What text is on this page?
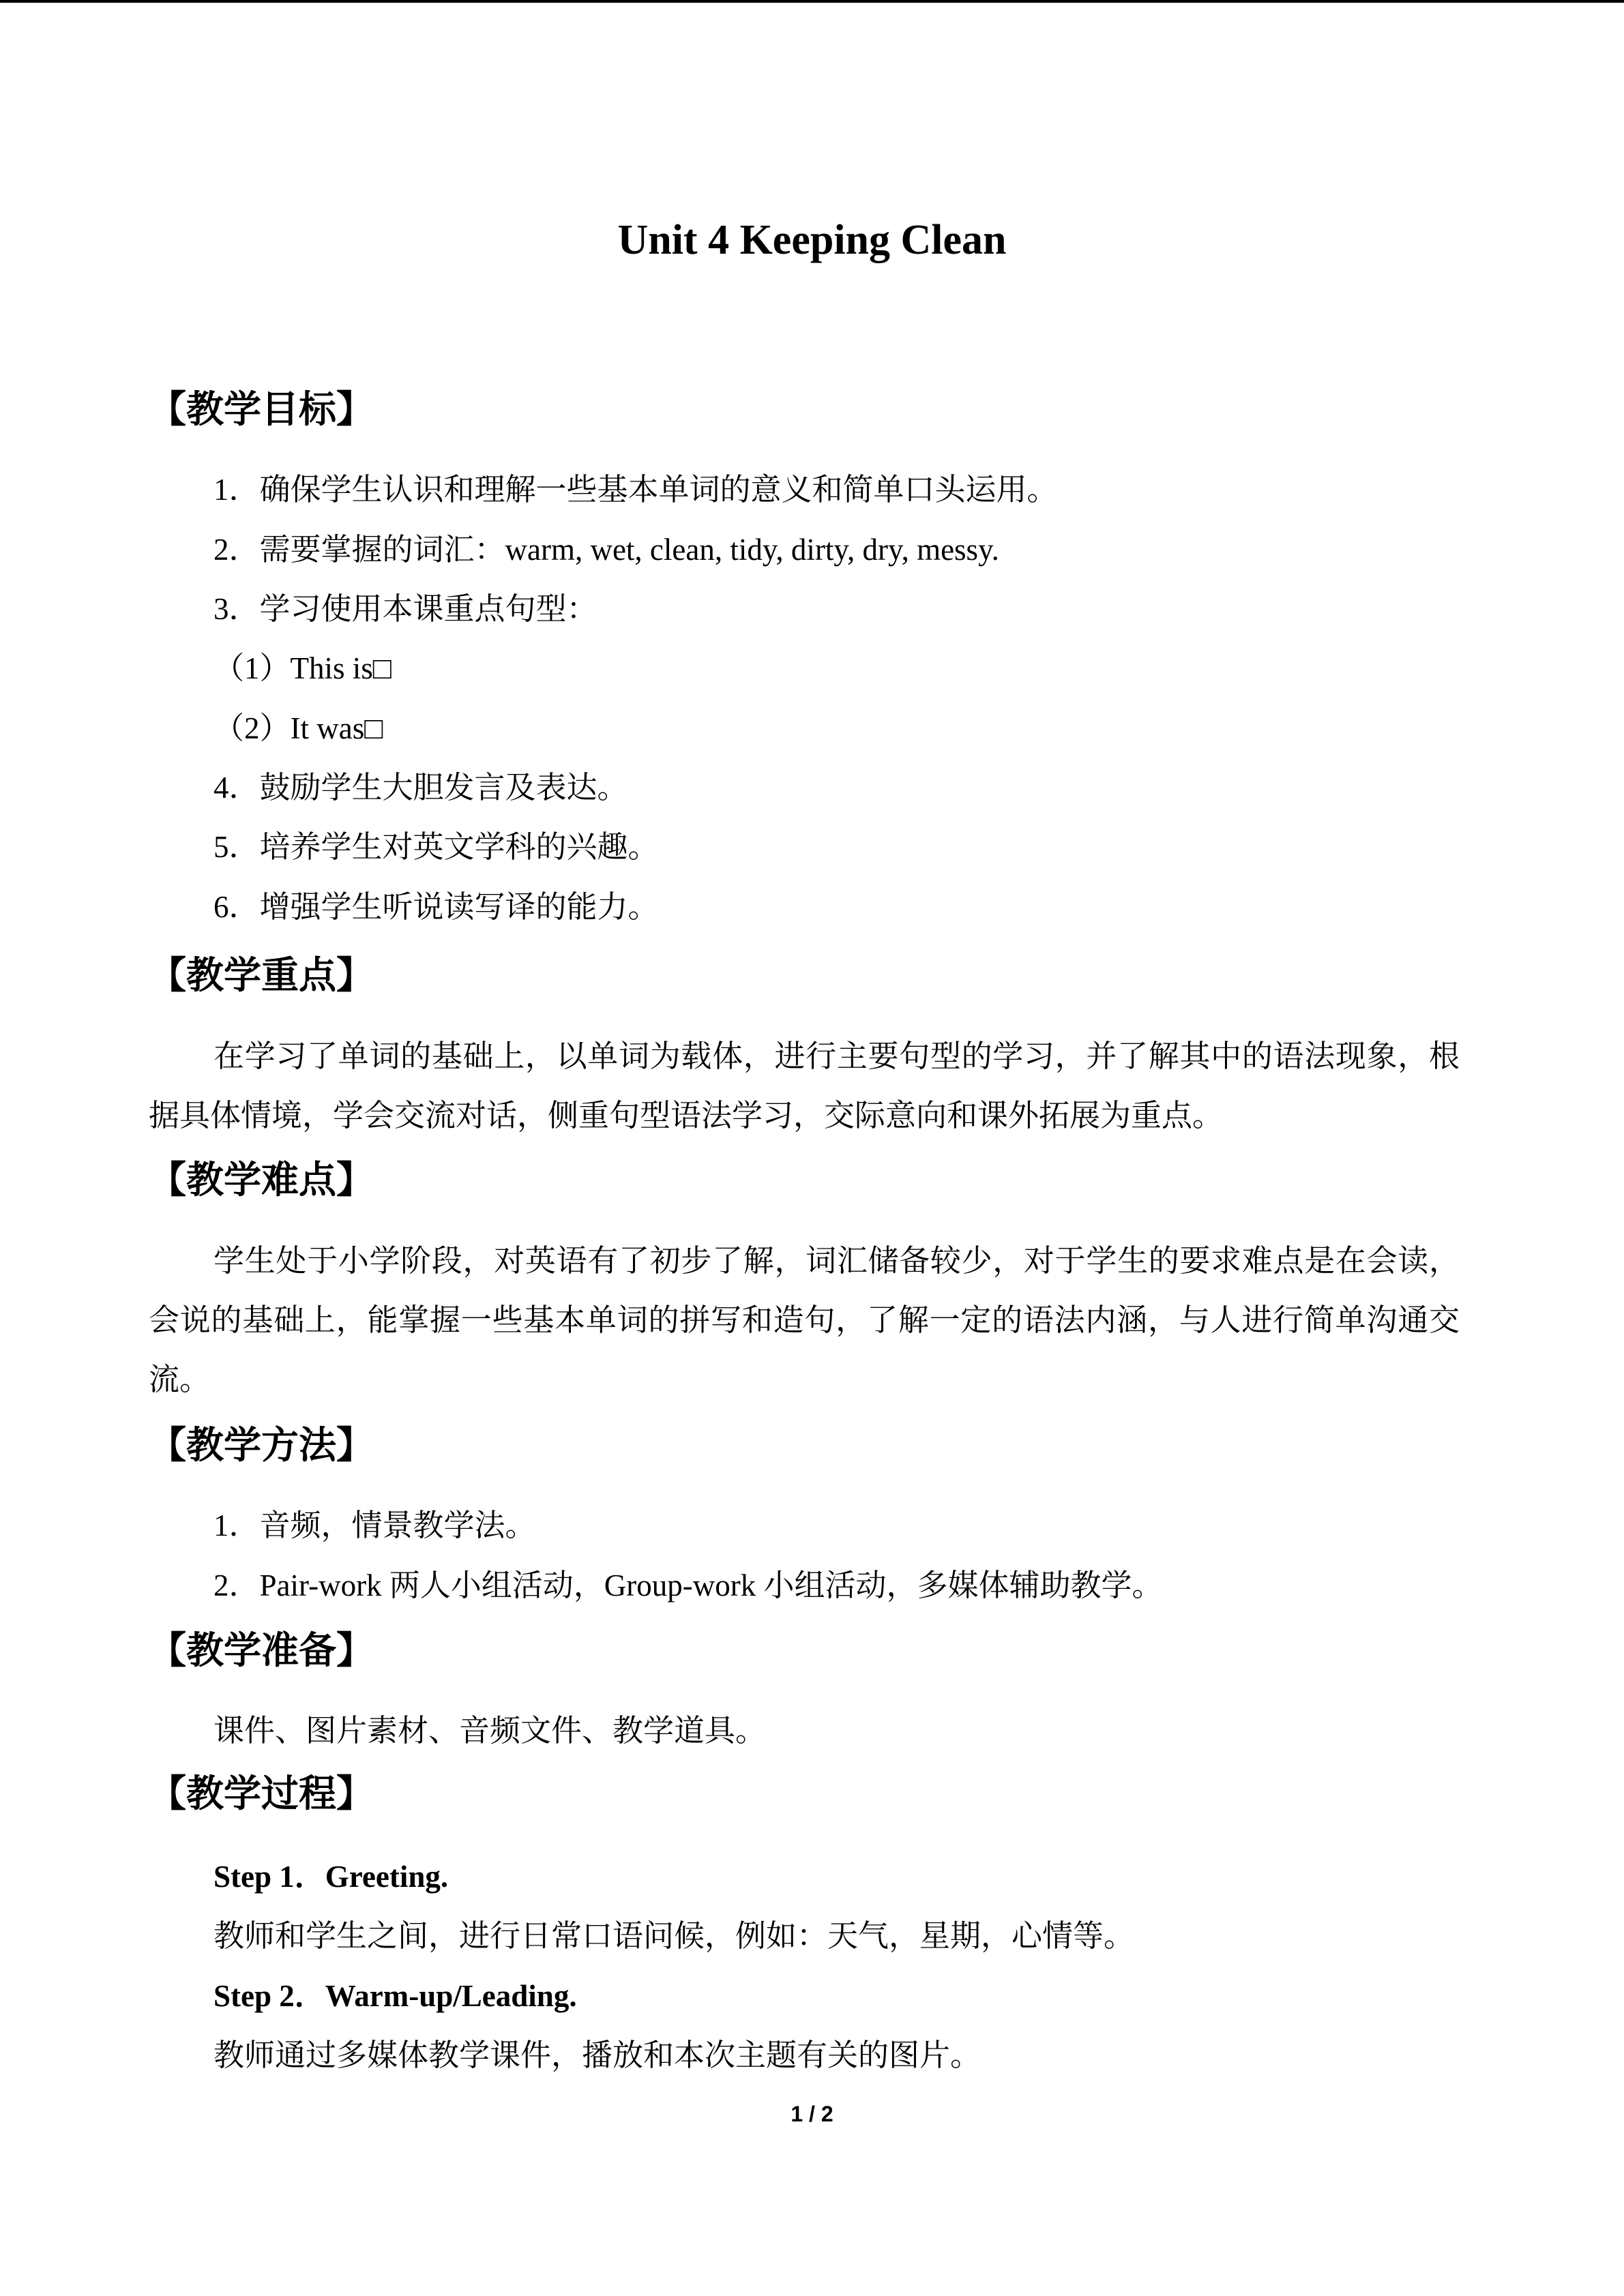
Unit 4 Keeping Clean
【教学目标】
1．确保学生认识和理解一些基本单词的意义和简单口头运用。
2．需要掌握的词汇：warm, wet, clean, tidy, dirty, dry, messy.
3．学习使用本课重点句型：
（1）This is□
（2）It was□
4．鼓励学生大胆发言及表达。
5．培养学生对英文学科的兴趣。
6．增强学生听说读写译的能力。
【教学重点】
在学习了单词的基础上，以单词为载体，进行主要句型的学习，并了解其中的语法现象，根据具体情境，学会交流对话，侧重句型语法学习，交际意向和课外拓展为重点。
【教学难点】
学生处于小学阶段，对英语有了初步了解，词汇储备较少，对于学生的要求难点是在会读，会说的基础上，能掌握一些基本单词的拼写和造句，了解一定的语法内涵，与人进行简单沟通交流。
【教学方法】
1．音频，情景教学法。
2．Pair-work 两人小组活动，Group-work 小组活动，多媒体辅助教学。
【教学准备】
课件、图片素材、音频文件、教学道具。
【教学过程】
Step 1．Greeting.
教师和学生之间，进行日常口语问候，例如：天气，星期，心情等。
Step 2．Warm-up/Leading.
教师通过多媒体教学课件，播放和本次主题有关的图片。
1 / 2
